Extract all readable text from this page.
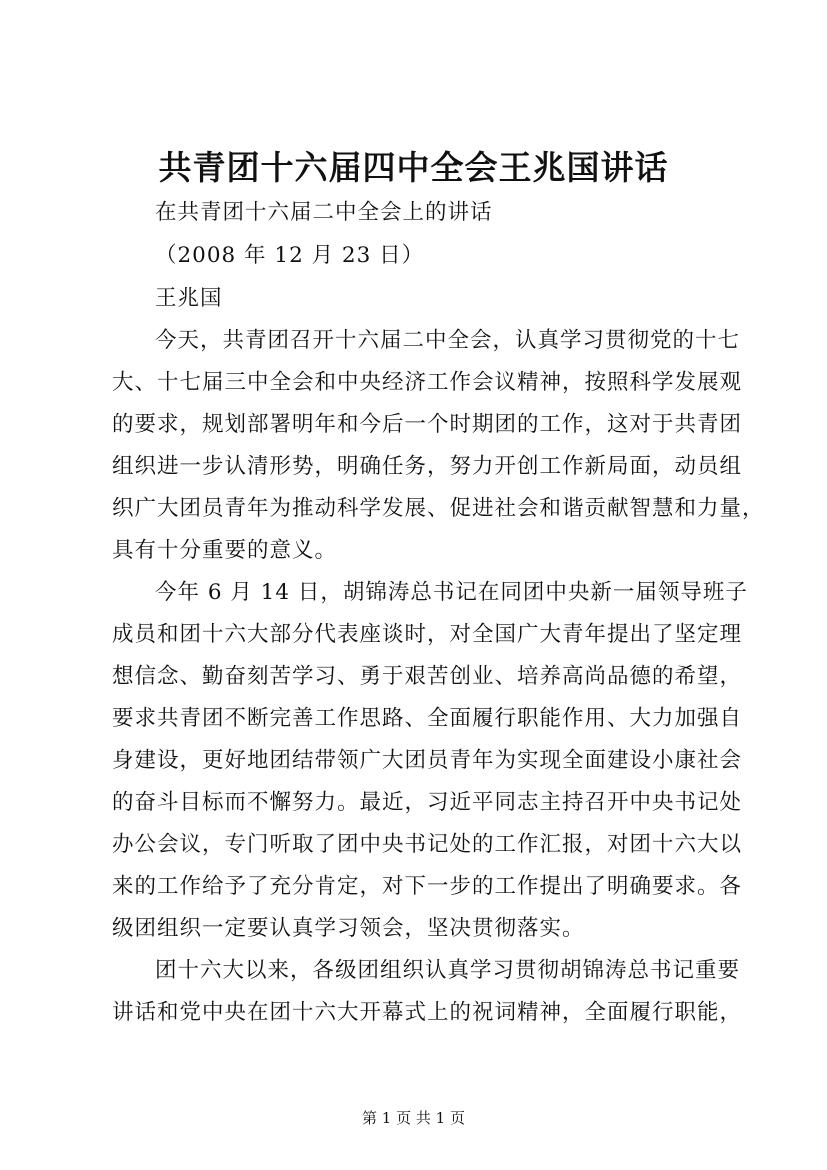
共青团十六届四中全会王兆国讲话
在共青团十六届二中全会上的讲话
（2008 年 12 月 23 日）
王兆国
今天，共青团召开十六届二中全会，认真学习贯彻党的十七
大、十七届三中全会和中央经济工作会议精神，按照科学发展观
的要求，规划部署明年和今后一个时期团的工作，这对于共青团
组织进一步认清形势，明确任务，努力开创工作新局面，动员组
织广大团员青年为推动科学发展、促进社会和谐贡献智慧和力量，
具有十分重要的意义。
今年 6 月 14 日，胡锦涛总书记在同团中央新一届领导班子
成员和团十六大部分代表座谈时，对全国广大青年提出了坚定理
想信念、勤奋刻苦学习、勇于艰苦创业、培养高尚品德的希望，
要求共青团不断完善工作思路、全面履行职能作用、大力加强自
身建设，更好地团结带领广大团员青年为实现全面建设小康社会
的奋斗目标而不懈努力。最近，习近平同志主持召开中央书记处
办公会议，专门听取了团中央书记处的工作汇报，对团十六大以
来的工作给予了充分肯定，对下一步的工作提出了明确要求。各
级团组织一定要认真学习领会，坚决贯彻落实。
团十六大以来，各级团组织认真学习贯彻胡锦涛总书记重要
讲话和党中央在团十六大开幕式上的祝词精神，全面履行职能，
第 1 页 共 1 页
